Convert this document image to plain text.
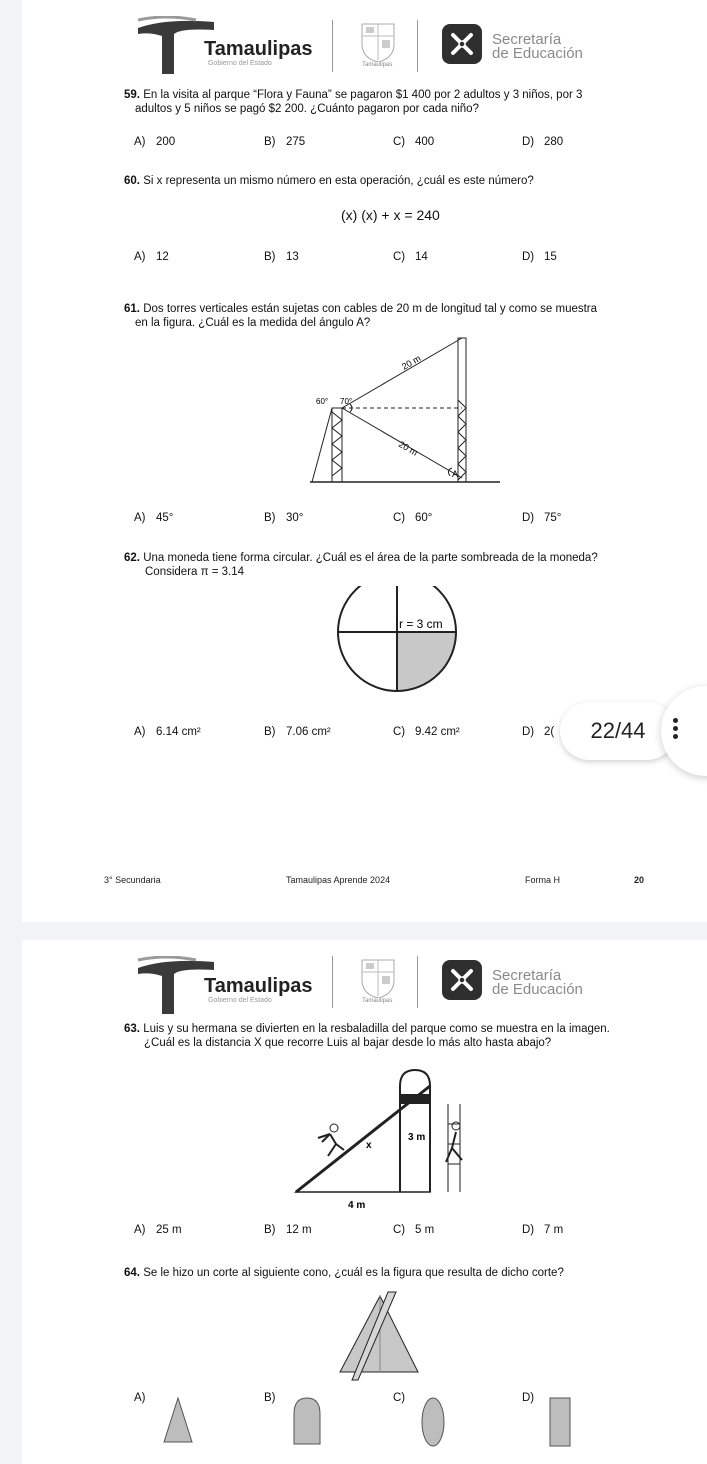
Tamaulipas
Gobierno del Estado	Tamaulipas
Secretaría
de Educación
59. En la visita al parque “Flora y Fauna” se pagaron $1 400 por 2 adultos y 3 niños, por 3
adultos y 5 niños se pagó $2 200. ¿Cuánto pagaron por cada niño?
A) 200	B) 275	C) 400	D) 280
60. Si x representa un mismo número en esta operación, ¿cuál es este número?
(x) (x) + x = 240
A) 12	B) 13	C) 14	D) 15
61. Dos torres verticales están sujetas con cables de 20 m de longitud tal y como se muestra
en la figura. ¿Cuál es la medida del ángulo A?
20 m
20 m
60° 70°
A
A) 45°	B) 30°	C) 60°	D) 75°
62. Una moneda tiene forma circular. ¿Cuál es el área de la parte sombreada de la moneda?
Considera π = 3.14
r = 3 cm
A) 6.14 cm²	B) 7.06 cm²	C) 9.42 cm²	D) 2(
3° Secundaria	Tamaulipas Aprende 2024	Forma H	20
22/44
Tamaulipas
Gobierno del Estado	Tamaulipas
Secretaría
de Educación
63. Luis y su hermana se divierten en la resbaladilla del parque como se muestra en la imagen.
¿Cuál es la distancia X que recorre Luis al bajar desde lo más alto hasta abajo?
x
3 m
4 m
A) 25 m	B) 12 m	C) 5 m	D) 7 m
64. Se le hizo un corte al siguiente cono, ¿cuál es la figura que resulta de dicho corte?
A)	B)	C)	D)
